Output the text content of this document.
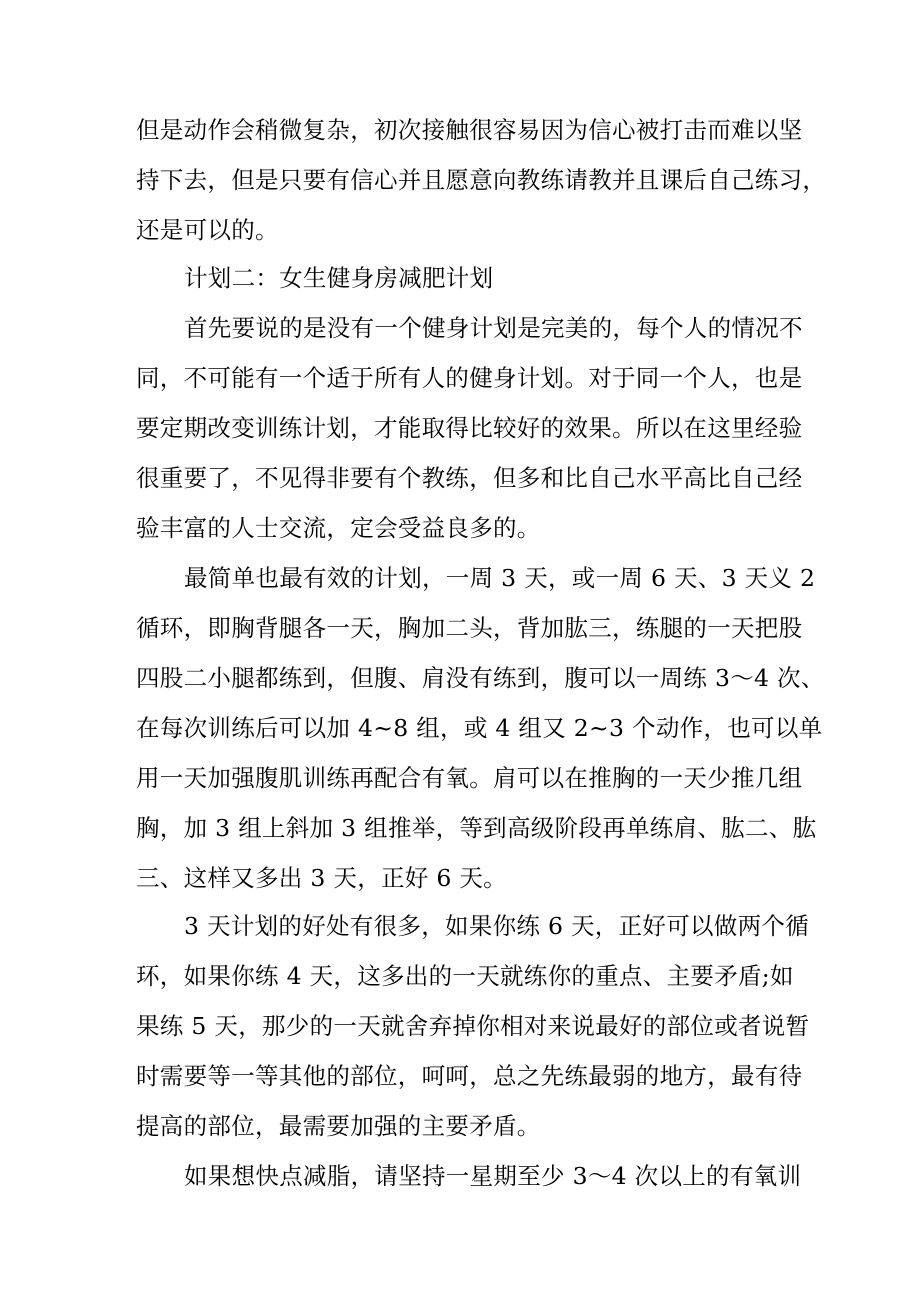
但是动作会稍微复杂，初次接触很容易因为信心被打击而难以坚
持下去，但是只要有信心并且愿意向教练请教并且课后自己练习，
还是可以的。
计划二：女生健身房减肥计划
首先要说的是没有一个健身计划是完美的，每个人的情况不
同，不可能有一个适于所有人的健身计划。对于同一个人，也是
要定期改变训练计划，才能取得比较好的效果。所以在这里经验
很重要了，不见得非要有个教练，但多和比自己水平高比自己经
验丰富的人士交流，定会受益良多的。
最简单也最有效的计划，一周 3 天，或一周 6 天、3 天义 2
循环，即胸背腿各一天，胸加二头，背加肱三，练腿的一天把股
四股二小腿都练到，但腹、肩没有练到，腹可以一周练 3～4 次、
在每次训练后可以加 4~8 组，或 4 组又 2~3 个动作，也可以单
用一天加强腹肌训练再配合有氧。肩可以在推胸的一天少推几组
胸，加 3 组上斜加 3 组推举，等到高级阶段再单练肩、肱二、肱
三、这样又多出 3 天，正好 6 天。
3 天计划的好处有很多，如果你练 6 天，正好可以做两个循
环，如果你练 4 天，这多出的一天就练你的重点、主要矛盾;如
果练 5 天，那少的一天就舍弃掉你相对来说最好的部位或者说暂
时需要等一等其他的部位，呵呵，总之先练最弱的地方，最有待
提高的部位，最需要加强的主要矛盾。
如果想快点减脂，请坚持一星期至少 3～4 次以上的有氧训
